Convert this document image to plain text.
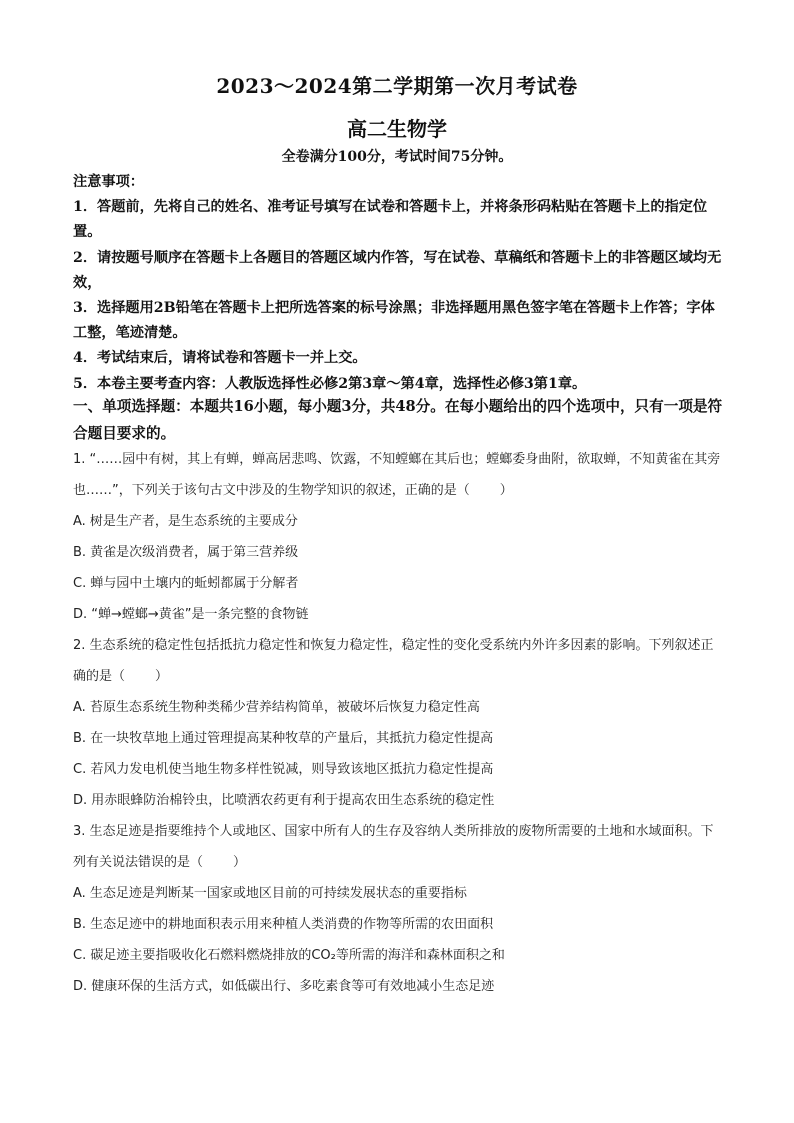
2023～2024第二学期第一次月考试卷
高二生物学
全卷满分100分，考试时间75分钟。

注意事项：

1．答题前，先将自己的姓名、准考证号填写在试卷和答题卡上，并将条形码粘贴在答题卡上的指定位置。

2．请按题号顺序在答题卡上各题目的答题区域内作答，写在试卷、草稿纸和答题卡上的非答题区域均无效，

3．选择题用2B铅笔在答题卡上把所选答案的标号涂黑；非选择题用黑色签字笔在答题卡上作答；字体工整，笔迹清楚。

4．考试结束后，请将试卷和答题卡一并上交。

5．本卷主要考查内容：人教版选择性必修2第3章～第4章，选择性必修3第1章。

一、单项选择题：本题共16小题，每小题3分，共48分。在每小题给出的四个选项中，只有一项是符合题目要求的。

1. “……园中有树，其上有蝉，蝉高居悲鸣、饮露，不知螳螂在其后也；螳螂委身曲附，欲取蝉，不知黄雀在其旁也……”，下列关于该句古文中涉及的生物学知识的叙述，正确的是（ ）

A. 树是生产者，是生态系统的主要成分

B. 黄雀是次级消费者，属于第三营养级

C. 蝉与园中土壤内的蚯蚓都属于分解者

D. “蝉→螳螂→黄雀”是一条完整的食物链

2. 生态系统的稳定性包括抵抗力稳定性和恢复力稳定性，稳定性的变化受系统内外许多因素的影响。下列叙述正确的是（ ）

A. 苔原生态系统生物种类稀少营养结构简单，被破坏后恢复力稳定性高

B. 在一块牧草地上通过管理提高某种牧草的产量后，其抵抗力稳定性提高

C. 若风力发电机使当地生物多样性锐减，则导致该地区抵抗力稳定性提高

D. 用赤眼蜂防治棉铃虫，比喷洒农药更有利于提高农田生态系统的稳定性

3. 生态足迹是指要维持个人或地区、国家中所有人的生存及容纳人类所排放的废物所需要的土地和水域面积。下列有关说法错误的是（ ）

A. 生态足迹是判断某一国家或地区目前的可持续发展状态的重要指标

B. 生态足迹中的耕地面积表示用来种植人类消费的作物等所需的农田面积

C. 碳足迹主要指吸收化石燃料燃烧排放的CO₂等所需的海洋和森林面积之和

D. 健康环保的生活方式，如低碳出行、多吃素食等可有效地减小生态足迹
